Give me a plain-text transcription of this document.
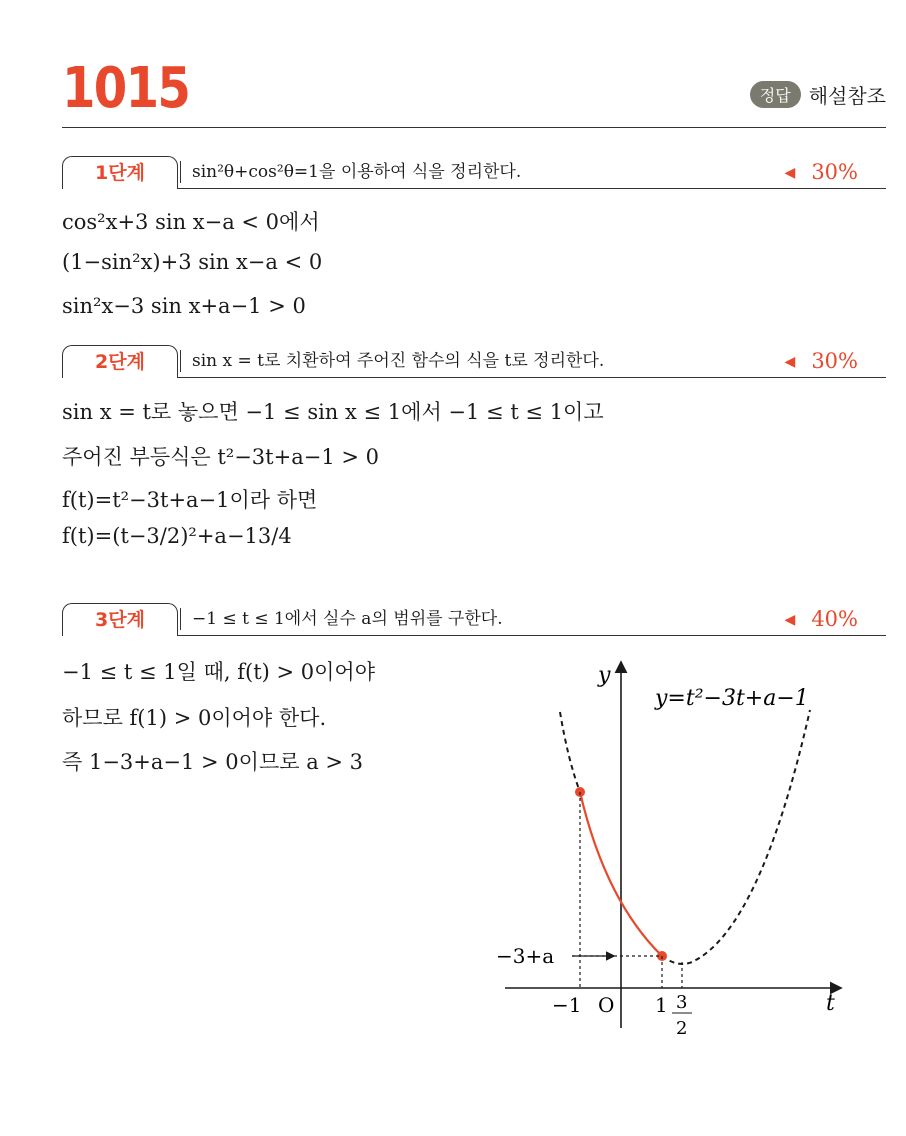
1015	정답 해설참조
1단계	sin²θ+cos²θ=1을 이용하여 식을 정리한다.	◀ 30%
cos²x+3 sin x−a < 0에서
(1−sin²x)+3 sin x−a < 0
sin²x−3 sin x+a−1 > 0
2단계	sin x = t로 치환하여 주어진 함수의 식을 t로 정리한다.	◀ 30%
sin x = t로 놓으면 −1 ≤ sin x ≤ 1에서 −1 ≤ t ≤ 1이고
주어진 부등식은 t²−3t+a−1 > 0
f(t)=t²−3t+a−1이라 하면
f(t)=(t−3/2)²+a−13/4
3단계	−1 ≤ t ≤ 1에서 실수 a의 범위를 구한다.	◀ 40%
−1 ≤ t ≤ 1일 때, f(t) > 0이어야
하므로 f(1) > 0이어야 한다.
즉 1−3+a−1 > 0이므로 a > 3
y=t²−3t+a−1
y
t
O
−1	1 3
2
−3+a
